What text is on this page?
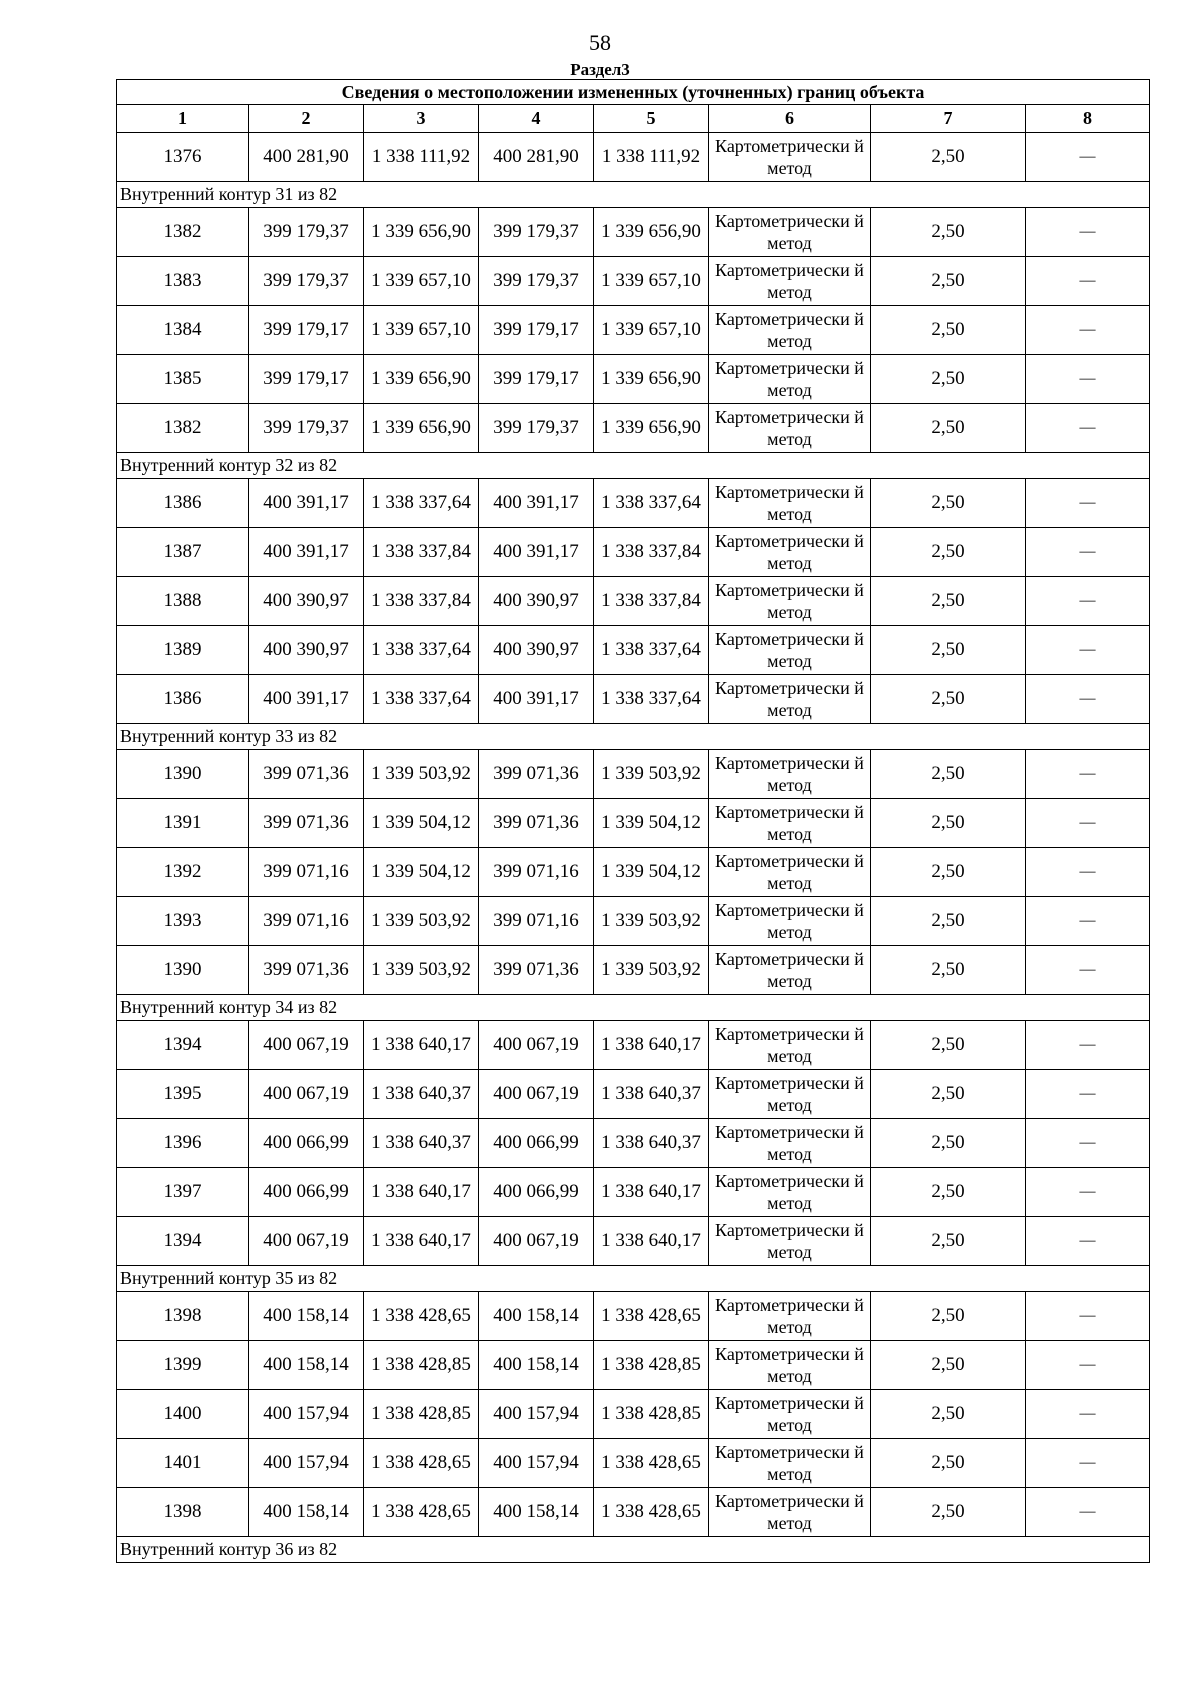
58
Раздел3
Сведения о местоположении измененных (уточненных) границ объекта							
1	2	3	4	5	6	7	8
1376	400 281,90	1 338 111,92	400 281,90	1 338 111,92	Картометрически й метод	2,50	—
Внутренний контур 31 из 82							
1382	399 179,37	1 339 656,90	399 179,37	1 339 656,90	Картометрически й метод	2,50	—
1383	399 179,37	1 339 657,10	399 179,37	1 339 657,10	Картометрически й метод	2,50	—
1384	399 179,17	1 339 657,10	399 179,17	1 339 657,10	Картометрически й метод	2,50	—
1385	399 179,17	1 339 656,90	399 179,17	1 339 656,90	Картометрически й метод	2,50	—
1382	399 179,37	1 339 656,90	399 179,37	1 339 656,90	Картометрически й метод	2,50	—
Внутренний контур 32 из 82							
1386	400 391,17	1 338 337,64	400 391,17	1 338 337,64	Картометрически й метод	2,50	—
1387	400 391,17	1 338 337,84	400 391,17	1 338 337,84	Картометрически й метод	2,50	—
1388	400 390,97	1 338 337,84	400 390,97	1 338 337,84	Картометрически й метод	2,50	—
1389	400 390,97	1 338 337,64	400 390,97	1 338 337,64	Картометрически й метод	2,50	—
1386	400 391,17	1 338 337,64	400 391,17	1 338 337,64	Картометрически й метод	2,50	—
Внутренний контур 33 из 82							
1390	399 071,36	1 339 503,92	399 071,36	1 339 503,92	Картометрически й метод	2,50	—
1391	399 071,36	1 339 504,12	399 071,36	1 339 504,12	Картометрически й метод	2,50	—
1392	399 071,16	1 339 504,12	399 071,16	1 339 504,12	Картометрически й метод	2,50	—
1393	399 071,16	1 339 503,92	399 071,16	1 339 503,92	Картометрически й метод	2,50	—
1390	399 071,36	1 339 503,92	399 071,36	1 339 503,92	Картометрически й метод	2,50	—
Внутренний контур 34 из 82							
1394	400 067,19	1 338 640,17	400 067,19	1 338 640,17	Картометрически й метод	2,50	—
1395	400 067,19	1 338 640,37	400 067,19	1 338 640,37	Картометрически й метод	2,50	—
1396	400 066,99	1 338 640,37	400 066,99	1 338 640,37	Картометрически й метод	2,50	—
1397	400 066,99	1 338 640,17	400 066,99	1 338 640,17	Картометрически й метод	2,50	—
1394	400 067,19	1 338 640,17	400 067,19	1 338 640,17	Картометрически й метод	2,50	—
Внутренний контур 35 из 82							
1398	400 158,14	1 338 428,65	400 158,14	1 338 428,65	Картометрически й метод	2,50	—
1399	400 158,14	1 338 428,85	400 158,14	1 338 428,85	Картометрически й метод	2,50	—
1400	400 157,94	1 338 428,85	400 157,94	1 338 428,85	Картометрически й метод	2,50	—
1401	400 157,94	1 338 428,65	400 157,94	1 338 428,65	Картометрически й метод	2,50	—
1398	400 158,14	1 338 428,65	400 158,14	1 338 428,65	Картометрически й метод	2,50	—
Внутренний контур 36 из 82							
